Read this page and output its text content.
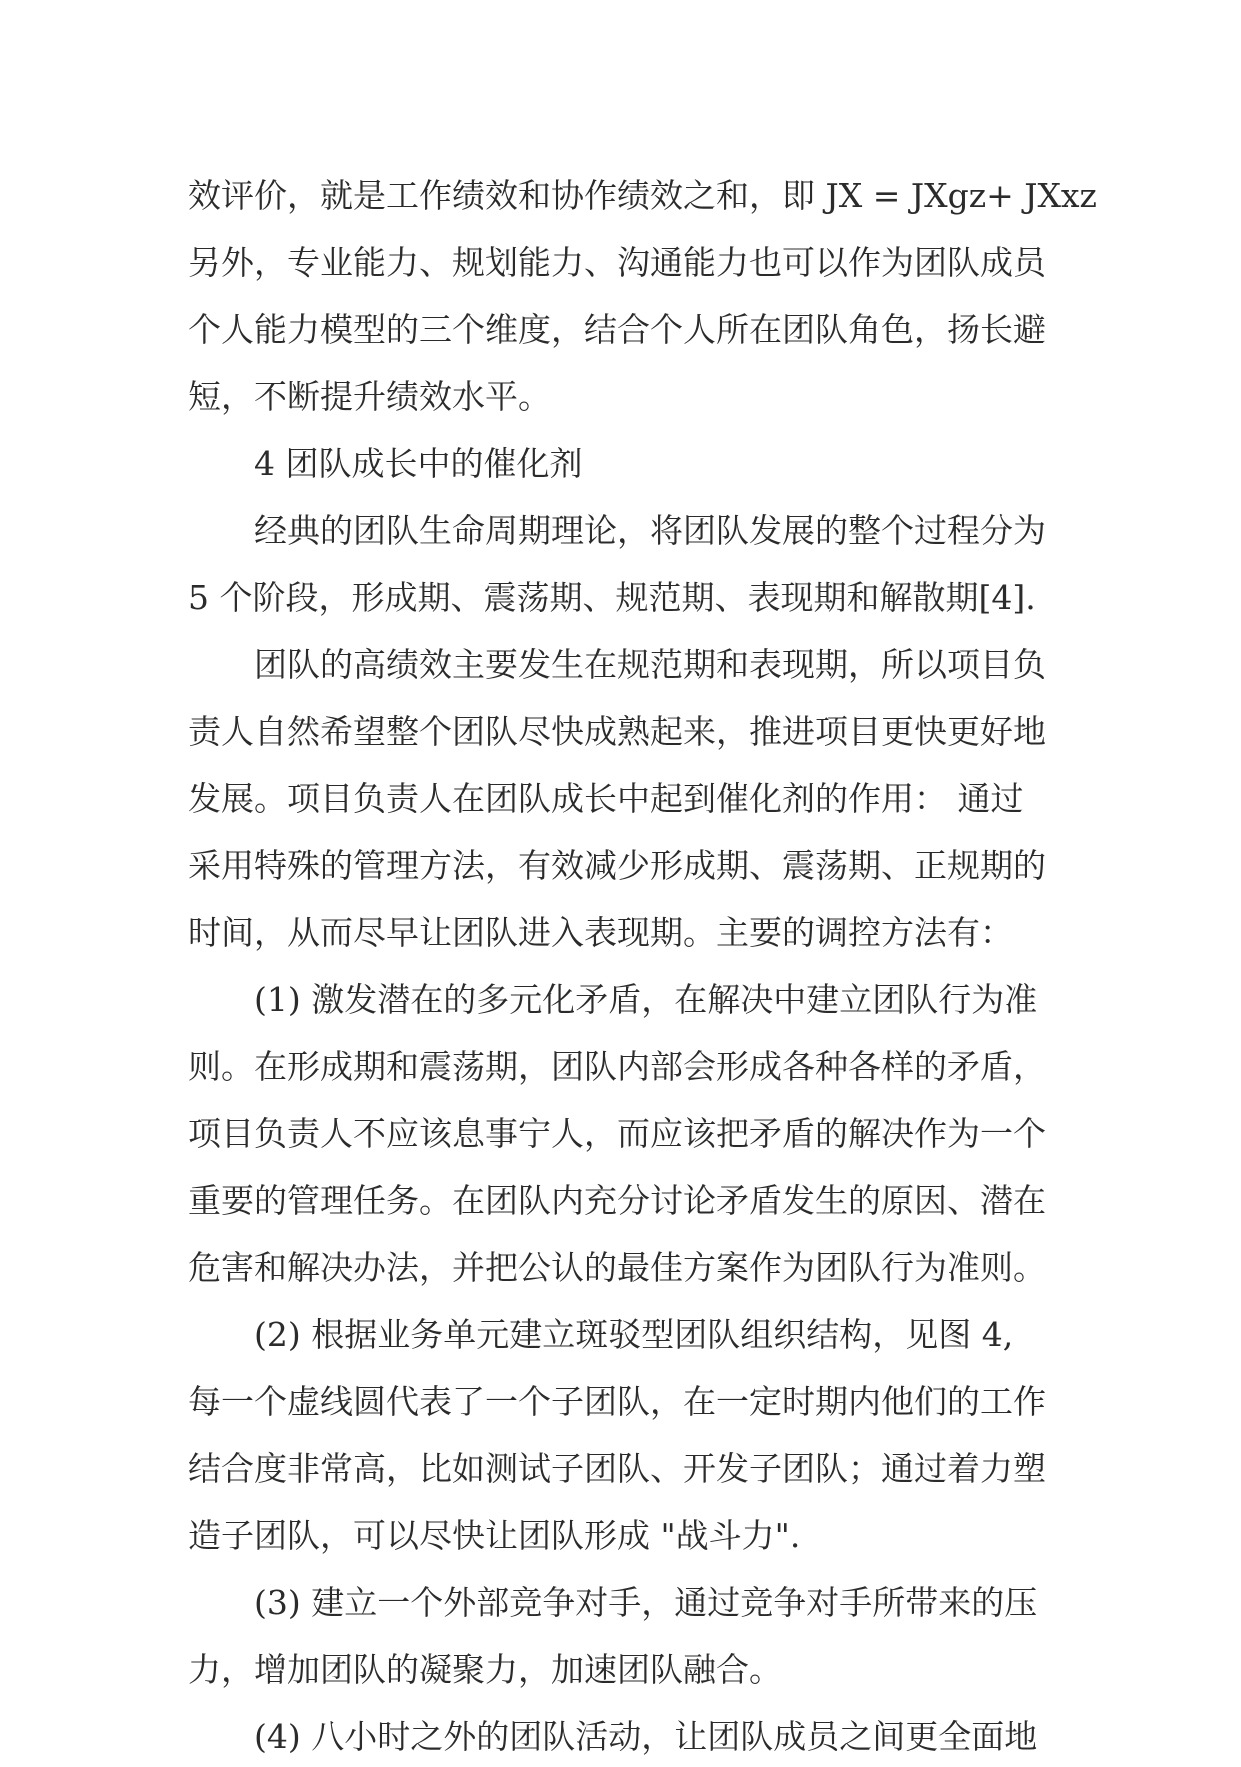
效评价，就是工作绩效和协作绩效之和，即 JX = JXgz+ JXxz
另外，专业能力、规划能力、沟通能力也可以作为团队成员
个人能力模型的三个维度，结合个人所在团队角色，扬长避
短，不断提升绩效水平。
4 团队成长中的催化剂
经典的团队生命周期理论，将团队发展的整个过程分为
5 个阶段，形成期、震荡期、规范期、表现期和解散期[4].
团队的高绩效主要发生在规范期和表现期，所以项目负
责人自然希望整个团队尽快成熟起来，推进项目更快更好地
发展。项目负责人在团队成长中起到催化剂的作用： 通过
采用特殊的管理方法，有效减少形成期、震荡期、正规期的
时间，从而尽早让团队进入表现期。主要的调控方法有：
(1) 激发潜在的多元化矛盾，在解决中建立团队行为准
则。在形成期和震荡期，团队内部会形成各种各样的矛盾，
项目负责人不应该息事宁人，而应该把矛盾的解决作为一个
重要的管理任务。在团队内充分讨论矛盾发生的原因、潜在
危害和解决办法，并把公认的最佳方案作为团队行为准则。
(2) 根据业务单元建立斑驳型团队组织结构，见图 4,
每一个虚线圆代表了一个子团队，在一定时期内他们的工作
结合度非常高，比如测试子团队、开发子团队；通过着力塑
造子团队，可以尽快让团队形成 "战斗力".
(3) 建立一个外部竞争对手，通过竞争对手所带来的压
力，增加团队的凝聚力，加速团队融合。
(4) 八小时之外的团队活动，让团队成员之间更全面地
